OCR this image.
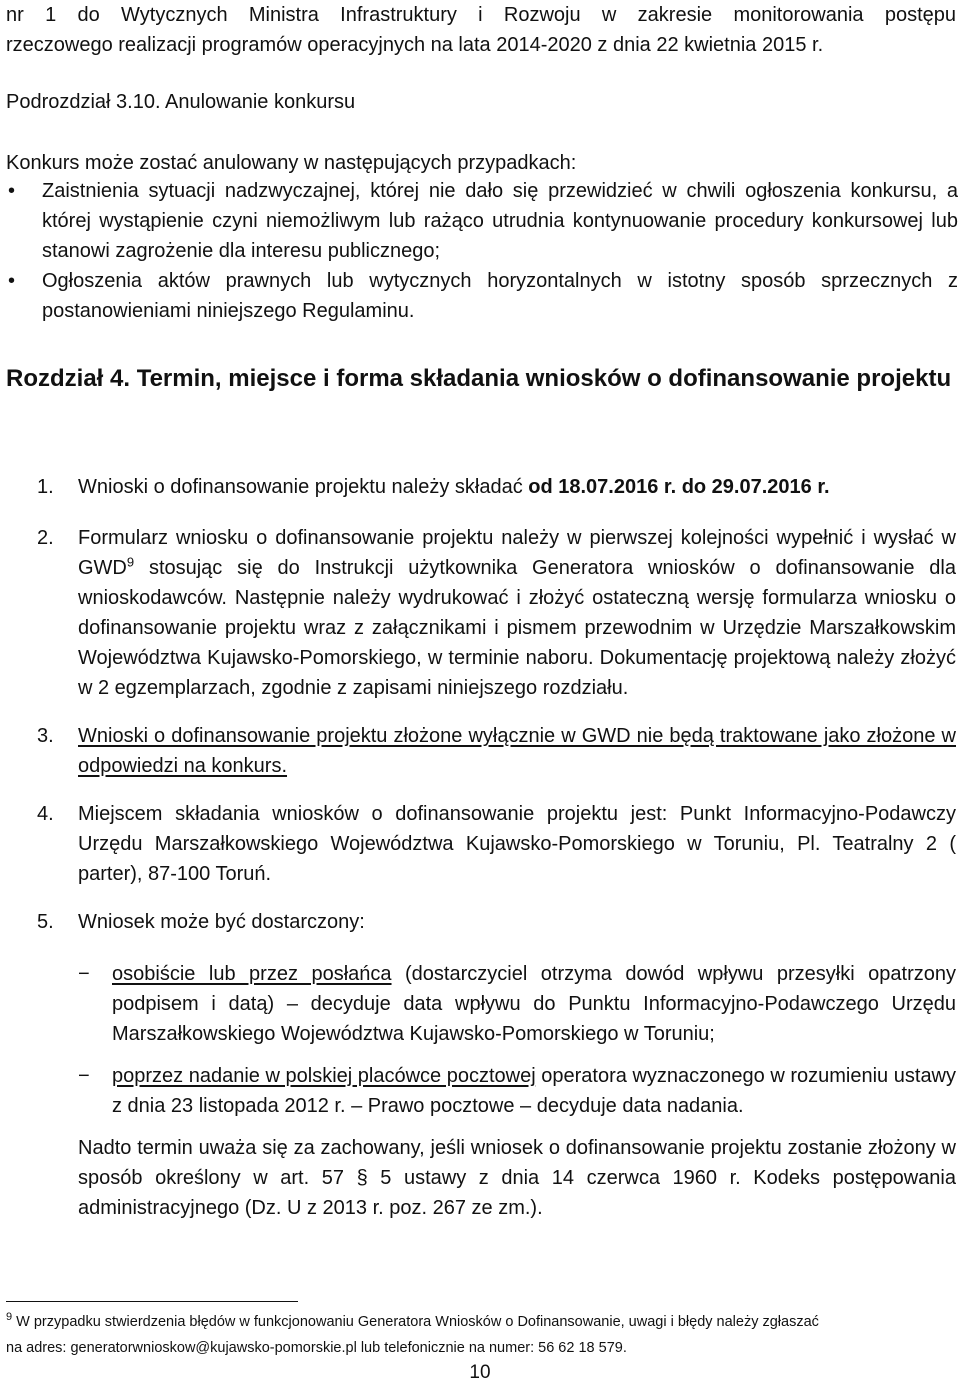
nr 1 do Wytycznych Ministra Infrastruktury i Rozwoju w zakresie monitorowania postępu

rzeczowego realizacji programów operacyjnych na lata 2014-2020 z dnia 22 kwietnia 2015 r.

Podrozdział 3.10. Anulowanie konkursu

Konkurs może zostać anulowany w następujących przypadkach:

• Zaistnienia sytuacji nadzwyczajnej, której nie dało się przewidzieć w chwili ogłoszenia konkursu, a której wystąpienie czyni niemożliwym lub rażąco utrudnia kontynuowanie procedury konkursowej lub stanowi zagrożenie dla interesu publicznego;

• Ogłoszenia aktów prawnych lub wytycznych horyzontalnych w istotny sposób sprzecznych z postanowieniami niniejszego Regulaminu.

Rozdział 4. Termin, miejsce i forma składania wniosków o dofinansowanie projektu

1. Wnioski o dofinansowanie projektu należy składać od 18.07.2016 r. do 29.07.2016 r.

2. Formularz wniosku o dofinansowanie projektu należy w pierwszej kolejności wypełnić i wysłać w GWD$^9$ stosując się do Instrukcji użytkownika Generatora wniosków o dofinansowanie dla wnioskodawców. Następnie należy wydrukować i złożyć ostateczną wersję formularza wniosku o dofinansowanie projektu wraz z załącznikami i pismem przewodnim w Urzędzie Marszałkowskim Województwa Kujawsko-Pomorskiego, w terminie naboru. Dokumentację projektową należy złożyć w 2 egzemplarzach, zgodnie z zapisami niniejszego rozdziału.

3. Wnioski o dofinansowanie projektu złożone wyłącznie w GWD nie będą traktowane jako złożone w odpowiedzi na konkurs.

4. Miejscem składania wniosków o dofinansowanie projektu jest: Punkt Informacyjno-Podawczy Urzędu Marszałkowskiego Województwa Kujawsko-Pomorskiego w Toruniu, Pl. Teatralny 2 ( parter), 87-100 Toruń.

5. Wniosek może być dostarczony:

− osobiście lub przez posłańca (dostarczyciel otrzyma dowód wpływu przesyłki opatrzony podpisem i datą) – decyduje data wpływu do Punktu Informacyjno-Podawczego Urzędu Marszałkowskiego Województwa Kujawsko-Pomorskiego w Toruniu;

− poprzez nadanie w polskiej placówce pocztowej operatora wyznaczonego w rozumieniu ustawy z dnia 23 listopada 2012 r. – Prawo pocztowe – decyduje data nadania.

Nadto termin uważa się za zachowany, jeśli wniosek o dofinansowanie projektu zostanie złożony w sposób określony w art. 57 § 5 ustawy z dnia 14 czerwca 1960 r. Kodeks postępowania administracyjnego (Dz. U z 2013 r. poz. 267 ze zm.).

$^9$ W przypadku stwierdzenia błędów w funkcjonowaniu Generatora Wniosków o Dofinansowanie, uwagi i błędy należy zgłaszać
na adres: generatorwnioskow@kujawsko-pomorskie.pl lub telefonicznie na numer: 56 62 18 579.

10
